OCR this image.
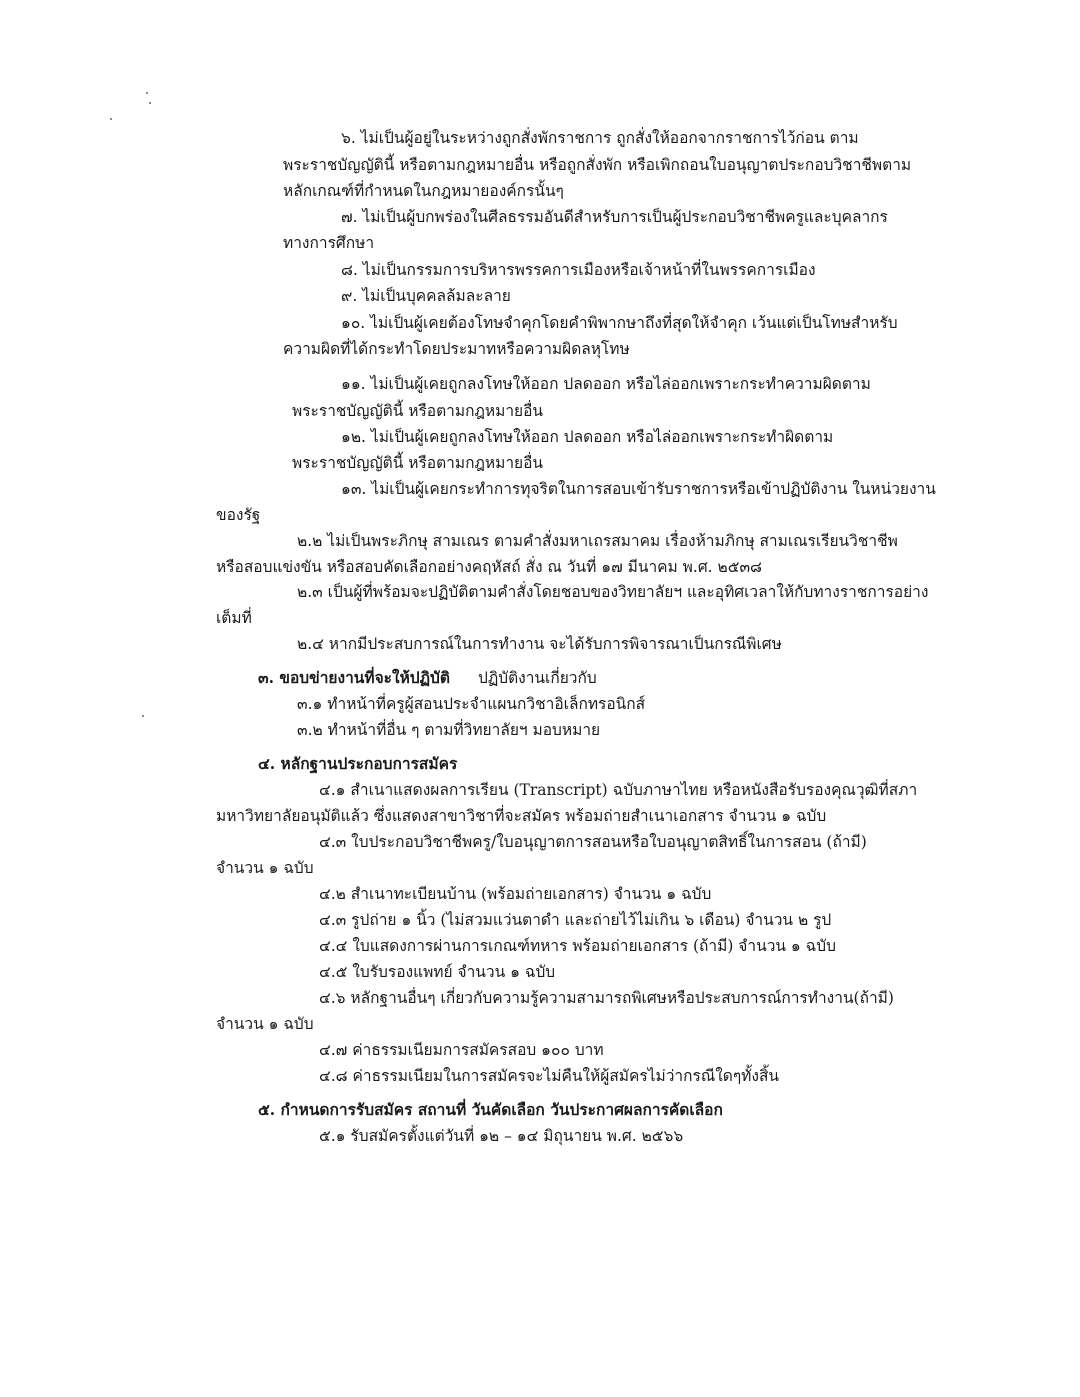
๖. ไม่เป็นผู้อยู่ในระหว่างถูกสั่งพักราชการ ถูกสั่งให้ออกจากราชการไว้ก่อน ตาม
พระราชบัญญัตินี้ หรือตามกฎหมายอื่น หรือถูกสั่งพัก หรือเพิกถอนใบอนุญาตประกอบวิชาชีพตาม
หลักเกณฑ์ที่กำหนดในกฎหมายองค์กรนั้นๆ
๗. ไม่เป็นผู้บกพร่องในศีลธรรมอันดีสำหรับการเป็นผู้ประกอบวิชาชีพครูและบุคลากร
ทางการศึกษา
๘. ไม่เป็นกรรมการบริหารพรรคการเมืองหรือเจ้าหน้าที่ในพรรคการเมือง
๙. ไม่เป็นบุคคลล้มละลาย
๑๐. ไม่เป็นผู้เคยต้องโทษจำคุกโดยคำพิพากษาถึงที่สุดให้จำคุก เว้นแต่เป็นโทษสำหรับ
ความผิดที่ได้กระทำโดยประมาทหรือความผิดลหุโทษ
๑๑. ไม่เป็นผู้เคยถูกลงโทษให้ออก ปลดออก หรือไล่ออกเพราะกระทำความผิดตาม
พระราชบัญญัตินี้ หรือตามกฎหมายอื่น
๑๒. ไม่เป็นผู้เคยถูกลงโทษให้ออก ปลดออก หรือไล่ออกเพราะกระทำผิดตาม
พระราชบัญญัตินี้ หรือตามกฎหมายอื่น
๑๓. ไม่เป็นผู้เคยกระทำการทุจริตในการสอบเข้ารับราชการหรือเข้าปฏิบัติงาน ในหน่วยงาน
ของรัฐ
๒.๒ ไม่เป็นพระภิกษุ สามเณร ตามคำสั่งมหาเถรสมาคม เรื่องห้ามภิกษุ สามเณรเรียนวิชาชีพ
หรือสอบแข่งขัน หรือสอบคัดเลือกอย่างคฤหัสถ์ สั่ง ณ วันที่ ๑๗ มีนาคม พ.ศ. ๒๕๓๘
๒.๓ เป็นผู้ที่พร้อมจะปฏิบัติตามคำสั่งโดยชอบของวิทยาลัยฯ และอุทิศเวลาให้กับทางราชการอย่าง
เต็มที่
๒.๔ หากมีประสบการณ์ในการทำงาน จะได้รับการพิจารณาเป็นกรณีพิเศษ
๓. ขอบข่ายงานที่จะให้ปฏิบัติ ปฏิบัติงานเกี่ยวกับ
๓.๑ ทำหน้าที่ครูผู้สอนประจำแผนกวิชาอิเล็กทรอนิกส์
๓.๒ ทำหน้าที่อื่น ๆ ตามที่วิทยาลัยฯ มอบหมาย
๔. หลักฐานประกอบการสมัคร
๔.๑ สำเนาแสดงผลการเรียน (Transcript) ฉบับภาษาไทย หรือหนังสือรับรองคุณวุฒิที่สภา
มหาวิทยาลัยอนุมัติแล้ว ซึ่งแสดงสาขาวิชาที่จะสมัคร พร้อมถ่ายสำเนาเอกสาร จำนวน ๑ ฉบับ
๔.๓ ใบประกอบวิชาชีพครู/ใบอนุญาตการสอนหรือใบอนุญาตสิทธิ์ในการสอน (ถ้ามี)
จำนวน ๑ ฉบับ
๔.๒ สำเนาทะเบียนบ้าน (พร้อมถ่ายเอกสาร) จำนวน ๑ ฉบับ
๔.๓ รูปถ่าย ๑ นิ้ว (ไม่สวมแว่นตาดำ และถ่ายไว้ไม่เกิน ๖ เดือน) จำนวน ๒ รูป
๔.๔ ใบแสดงการผ่านการเกณฑ์ทหาร พร้อมถ่ายเอกสาร (ถ้ามี) จำนวน ๑ ฉบับ
๔.๕ ใบรับรองแพทย์ จำนวน ๑ ฉบับ
๔.๖ หลักฐานอื่นๆ เกี่ยวกับความรู้ความสามารถพิเศษหรือประสบการณ์การทำงาน(ถ้ามี)
จำนวน ๑ ฉบับ
๔.๗ ค่าธรรมเนียมการสมัครสอบ ๑๐๐ บาท
๔.๘ ค่าธรรมเนียมในการสมัครจะไม่คืนให้ผู้สมัครไม่ว่ากรณีใดๆทั้งสิ้น
๕. กำหนดการรับสมัคร สถานที่ วันคัดเลือก วันประกาศผลการคัดเลือก
๕.๑ รับสมัครตั้งแต่วันที่ ๑๒ – ๑๔ มิถุนายน พ.ศ. ๒๕๖๖
